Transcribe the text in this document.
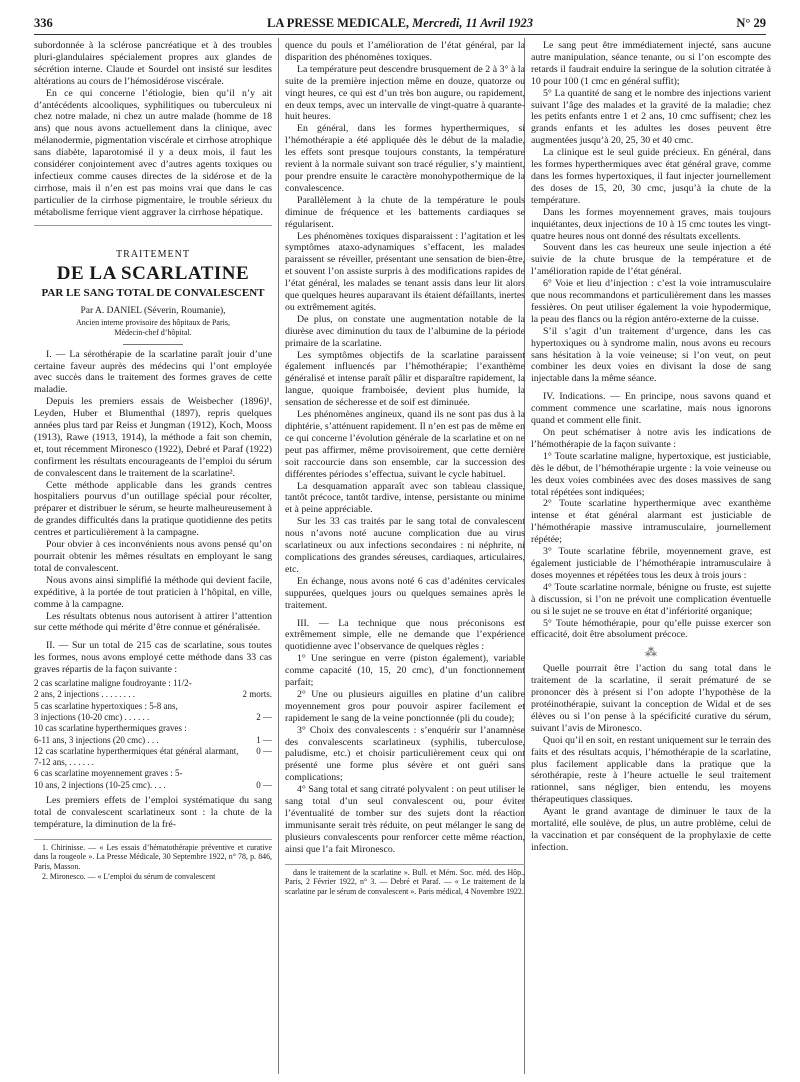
336	LA PRESSE MEDICALE, Mercredi, 11 Avril 1923	N° 29

subordonnée à la sclérose pancréatique et à des troubles pluri-glandulaires spécialement propres aux glandes de sécrétion interne. Claude et Sourdel ont insisté sur lesdites altérations au cours de l’hémosidérose viscérale.

En ce qui concerne l’étiologie, bien qu’il n’y ait d’antécédents alcooliques, syphilitiques ou tuberculeux ni chez notre malade, ni chez un autre malade (homme de 18 ans) que nous avons actuellement dans la clinique, avec mélanodermie, pigmentation viscérale et cirrhose atrophique sans diabète, laparotomisé il y a deux mois, il faut les considérer conjointement avec d’autres agents toxiques ou infectieux comme causes directes de la sidérose et de la cirrhose, mais il n’en est pas moins vrai que dans le cas particulier de la cirrhose pigmentaire, le trouble sérieux du métabolisme ferrique vient aggraver la cirrhose hépatique.

TRAITEMENT
DE LA SCARLATINE
PAR LE SANG TOTAL DE CONVALESCENT
Par A. DANIEL (Séverin, Roumanie),
Ancien interne provisoire des hôpitaux de Paris,
Médecin-chef d’hôpital.

I. — La sérothérapie de la scarlatine paraît jouir d’une certaine faveur auprès des médecins qui l’ont employée avec succès dans le traitement des formes graves de cette maladie.

Depuis les premiers essais de Weisbecher (1896)¹, Leyden, Huber et Blumenthal (1897), repris quelques années plus tard par Reiss et Jungman (1912), Koch, Mooss (1913), Rawe (1913, 1914), la méthode a fait son chemin, et, tout récemment Mironesco (1922), Debré et Paraf (1922) confirment les résultats encourageants de l’emploi du sérum de convalescent dans le traitement de la scarlatine².

Cette méthode applicable dans les grands centres hospitaliers pourvus d’un outillage spécial pour récolter, préparer et distribuer le sérum, se heurte malheureusement à de grandes difficultés dans la pratique quotidienne des petits centres et particulièrement à la campagne.

Pour obvier à ces inconvénients nous avons pensé qu’on pourrait obtenir les mêmes résultats en employant le sang total de convalescent.

Nous avons ainsi simplifié la méthode qui devient facile, expéditive, à la portée de tout praticien à l’hôpital, en ville, comme à la campagne.

Les résultats obtenus nous autorisent à attirer l’attention sur cette méthode qui mérite d’être connue et généralisée.

II. — Sur un total de 215 cas de scarlatine, sous toutes les formes, nous avons employé cette méthode dans 33 cas graves répartis de la façon suivante :

2 cas scarlatine maligne foudroyante : 11/2-	
2 ans, 2 injections . . . . . . . .	2 morts.
5 cas scarlatine hypertoxiques : 5-8 ans,	
3 injections (10-20 cmc) . . . . . .	2 —
10 cas scarlatine hyperthermiques graves :	
6-11 ans, 3 injections (20 cmc) . . .	1 —
12 cas scarlatine hyperthermiques état général alarmant, 7-12 ans, . . . . . .	0 —
6 cas scarlatine moyennement graves : 5-	
10 ans, 2 injections (10-25 cmc). . . .	0 —

Les premiers effets de l’emploi systématique du sang total de convalescent scarlatineux sont : la chute de la température, la diminution de la fré-

1. Chirinisse. — « Les essais d’hématothérapie préventive et curative dans la rougeole ». La Presse Médicale, 30 Septembre 1922, n° 78, p. 846, Paris, Masson.

2. Mironesco. — « L’emploi du sérum de convalescent

quence du pouls et l’amélioration de l’état général, par la disparition des phénomènes toxiques.

La température peut descendre brusquement de 2 à 3° à la suite de la première injection même en douze, quatorze ou vingt heures, ce qui est d’un très bon augure, ou rapidement, en deux temps, avec un intervalle de vingt-quatre à quarante-huit heures.

En général, dans les formes hyperthermiques, si l’hémothérapie a été appliquée dès le début de la maladie, les effets sont presque toujours constants, la température revient à la normale suivant son tracé régulier, s’y maintient, pour prendre ensuite le caractère monohypothermique de la convalescence.

Parallèlement à la chute de la température le pouls diminue de fréquence et les battements cardiaques se régularisent.

Les phénomènes toxiques disparaissent : l’agitation et les symptômes ataxo-adynamiques s’effacent, les malades paraissent se réveiller, présentant une sensation de bien-être, et souvent l’on assiste surpris à des modifications rapides de l’état général, les malades se tenant assis dans leur lit alors que quelques heures auparavant ils étaient défaillants, inertes ou extrêmement agités.

De plus, on constate une augmentation notable de la diurèse avec diminution du taux de l’albumine de la période primaire de la scarlatine.

Les symptômes objectifs de la scarlatine paraissent également influencés par l’hémothérapie; l’exanthème généralisé et intense paraît pâlir et disparaître rapidement, la langue, quoique framboisée, devient plus humide, la sensation de sécheresse et de soif est diminuée.

Les phénomènes angineux, quand ils ne sont pas dus à la diphtérie, s’atténuent rapidement. Il n’en est pas de même en ce qui concerne l’évolution générale de la scarlatine et on ne peut pas affirmer, même provisoirement, que cette dernière soit raccourcie dans son ensemble, car la succession des différentes périodes s’effectua, suivant le cycle habituel.

La desquamation apparaît avec son tableau classique, tantôt précoce, tantôt tardive, intense, persistante ou minime et à peine appréciable.

Sur les 33 cas traités par le sang total de convalescent nous n’avons noté aucune complication due au virus scarlatineux ou aux infections secondaires : ni néphrite, ni complications des grandes séreuses, cardiaques, articulaires, etc.

En échange, nous avons noté 6 cas d’adénites cervicales suppurées, quelques jours ou quelques semaines après le traitement.

III. — La technique que nous préconisons est extrêmement simple, elle ne demande que l’expérience quotidienne avec l’observance de quelques règles :

1° Une seringue en verre (piston également), variable comme capacité (10, 15, 20 cmc), d’un fonctionnement parfait;

2° Une ou plusieurs aiguilles en platine d’un calibre moyennement gros pour pouvoir aspirer facilement et rapidement le sang de la veine ponctionnée (pli du coude);

3° Choix des convalescents : s’enquérir sur l’anamnèse des convalescents scarlatineux (syphilis, tuberculose, paludisme, etc.) et choisir particulièrement ceux qui ont présenté une forme plus sévère et ont guéri sans complications;

4° Sang total et sang citraté polyvalent : on peut utiliser le sang total d’un seul convalescent ou, pour éviter l’éventualité de tomber sur des sujets dont la réaction immunisante serait très réduite, on peut mélanger le sang de plusieurs convalescents pour renforcer cette même réaction, ainsi que l’a fait Mironesco.

dans le traitement de la scarlatine ». Bull. et Mém. Soc. méd. des Hôp., Paris, 2 Février 1922, n° 3. — Debré et Paraf. — « Le traitement de la scarlatine par le sérum de convalescent ». Paris médical, 4 Novembre 1922.

Le sang peut être immédiatement injecté, sans aucune autre manipulation, séance tenante, ou si l’on escompte des retards il faudrait enduire la seringue de la solution citratée à 10 pour 100 (1 cmc en général suffit);

5° La quantité de sang et le nombre des injections varient suivant l’âge des malades et la gravité de la maladie; chez les petits enfants entre 1 et 2 ans, 10 cmc suffisent; chez les grands enfants et les adultes les doses peuvent être augmentées jusqu’à 20, 25, 30 et 40 cmc.

La clinique est le seul guide précieux. En général, dans les formes hyperthermiques avec état général grave, comme dans les formes hypertoxiques, il faut injecter journellement des doses de 15, 20, 30 cmc, jusqu’à la chute de la température.

Dans les formes moyennement graves, mais toujours inquiétantes, deux injections de 10 à 15 cmc toutes les vingt-quatre heures nous ont donné des résultats excellents.

Souvent dans les cas heureux une seule injection a été suivie de la chute brusque de la température et de l’amélioration rapide de l’état général.

6° Voie et lieu d’injection : c’est la voie intramusculaire que nous recommandons et particulièrement dans les masses fessières. On peut utiliser également la voie hypodermique, la peau des flancs ou la région antéro-externe de la cuisse.

S’il s’agit d’un traitement d’urgence, dans les cas hypertoxiques ou à syndrome malin, nous avons eu recours sans hésitation à la voie veineuse; si l’on veut, on peut combiner les deux voies en divisant la dose de sang injectable dans la même séance.

IV. Indications. — En principe, nous savons quand et comment commence une scarlatine, mais nous ignorons quand et comment elle finit.

On peut schématiser à notre avis les indications de l’hémothérapie de la façon suivante :

1° Toute scarlatine maligne, hypertoxique, est justiciable, dès le début, de l’hémothérapie urgente : la voie veineuse ou les deux voies combinées avec des doses massives de sang total répétées sont indiquées;

2° Toute scarlatine hyperthermique avec exanthème intense et état général alarmant est justiciable de l’hémothérapie massive intramusculaire, journellement répétée;

3° Toute scarlatine fébrile, moyennement grave, est également justiciable de l’hémothérapie intramusculaire à doses moyennes et répétées tous les deux à trois jours :

4° Toute scarlatine normale, bénigne ou fruste, est sujette à discussion, si l’on ne prévoit une complication éventuelle ou si le sujet ne se trouve en état d’infériorité organique;

5° Toute hémothérapie, pour qu’elle puisse exercer son efficacité, doit être absolument précoce.

⁂

Quelle pourrait être l’action du sang total dans le traitement de la scarlatine, il serait prématuré de se prononcer dès à présent si l’on adopte l’hypothèse de la protéinothérapie, suivant la conception de Widal et de ses élèves ou si l’on pense à la spécificité curative du sérum, suivant l’avis de Mironesco.

Quoi qu’il en soit, en restant uniquement sur le terrain des faits et des résultats acquis, l’hémothérapie de la scarlatine, plus facilement applicable dans la pratique que la sérothérapie, reste à l’heure actuelle le seul traitement rationnel, sans négliger, bien entendu, les moyens thérapeutiques classiques.

Ayant le grand avantage de diminuer le taux de la mortalité, elle soulève, de plus, un autre problème, celui de la vaccination et par conséquent de la prophylaxie de cette infection.
